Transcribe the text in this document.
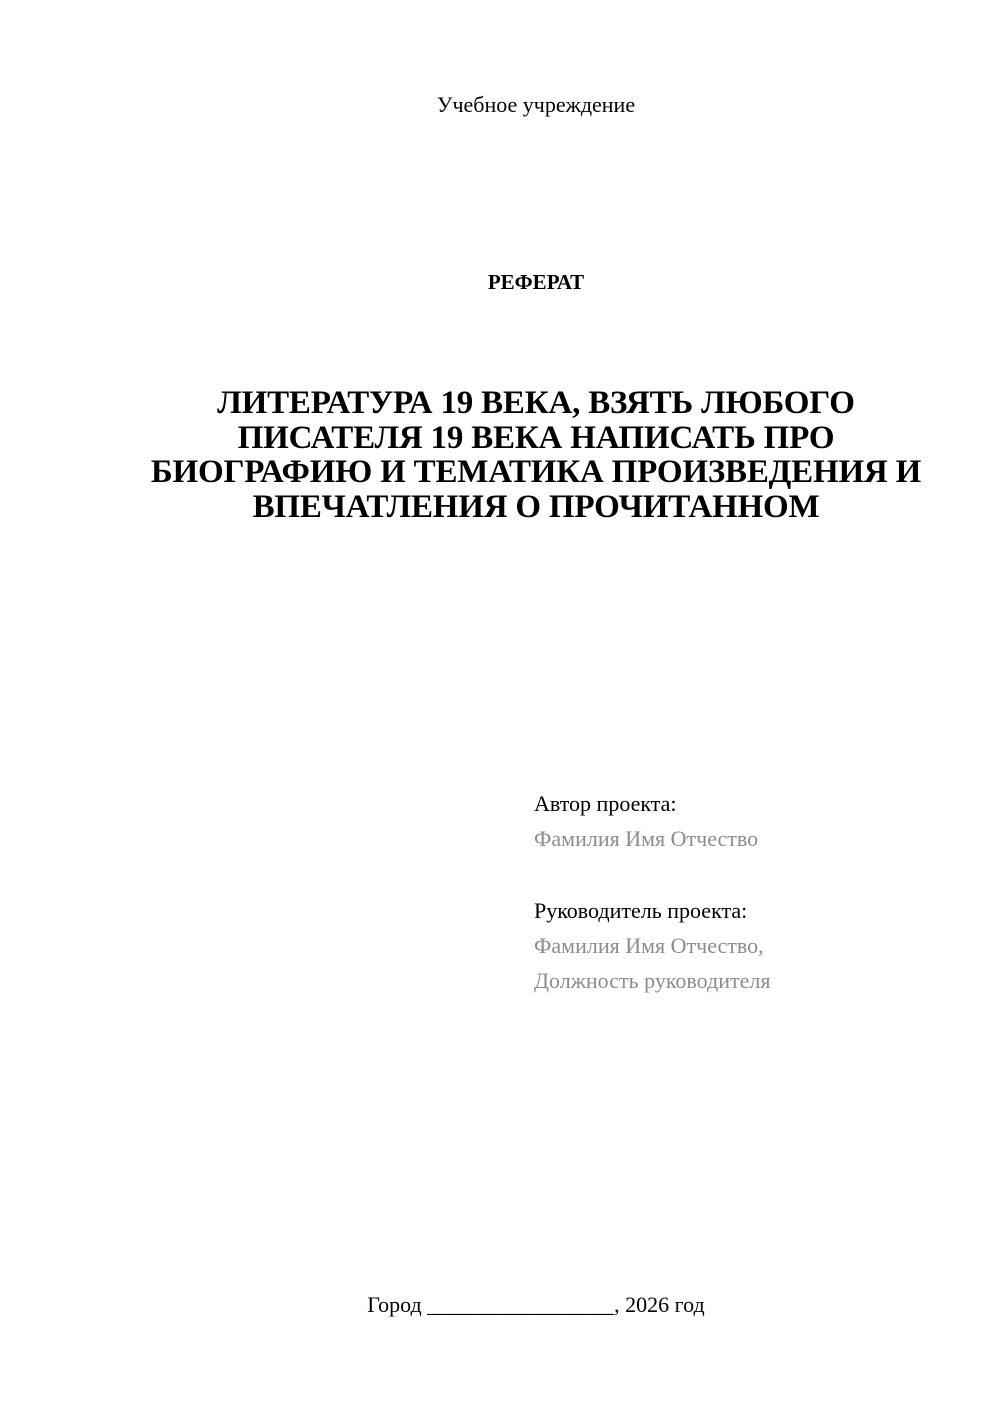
Учебное учреждение
РЕФЕРАТ
ЛИТЕРАТУРА 19 ВЕКА, ВЗЯТЬ ЛЮБОГО ПИСАТЕЛЯ 19 ВЕКА НАПИСАТЬ ПРО БИОГРАФИЮ И ТЕМАТИКА ПРОИЗВЕДЕНИЯ И ВПЕЧАТЛЕНИЯ О ПРОЧИТАННОМ
Автор проекта:
Фамилия Имя Отчество
Руководитель проекта:
Фамилия Имя Отчество,
Должность руководителя
Город _________________, 2026 год
